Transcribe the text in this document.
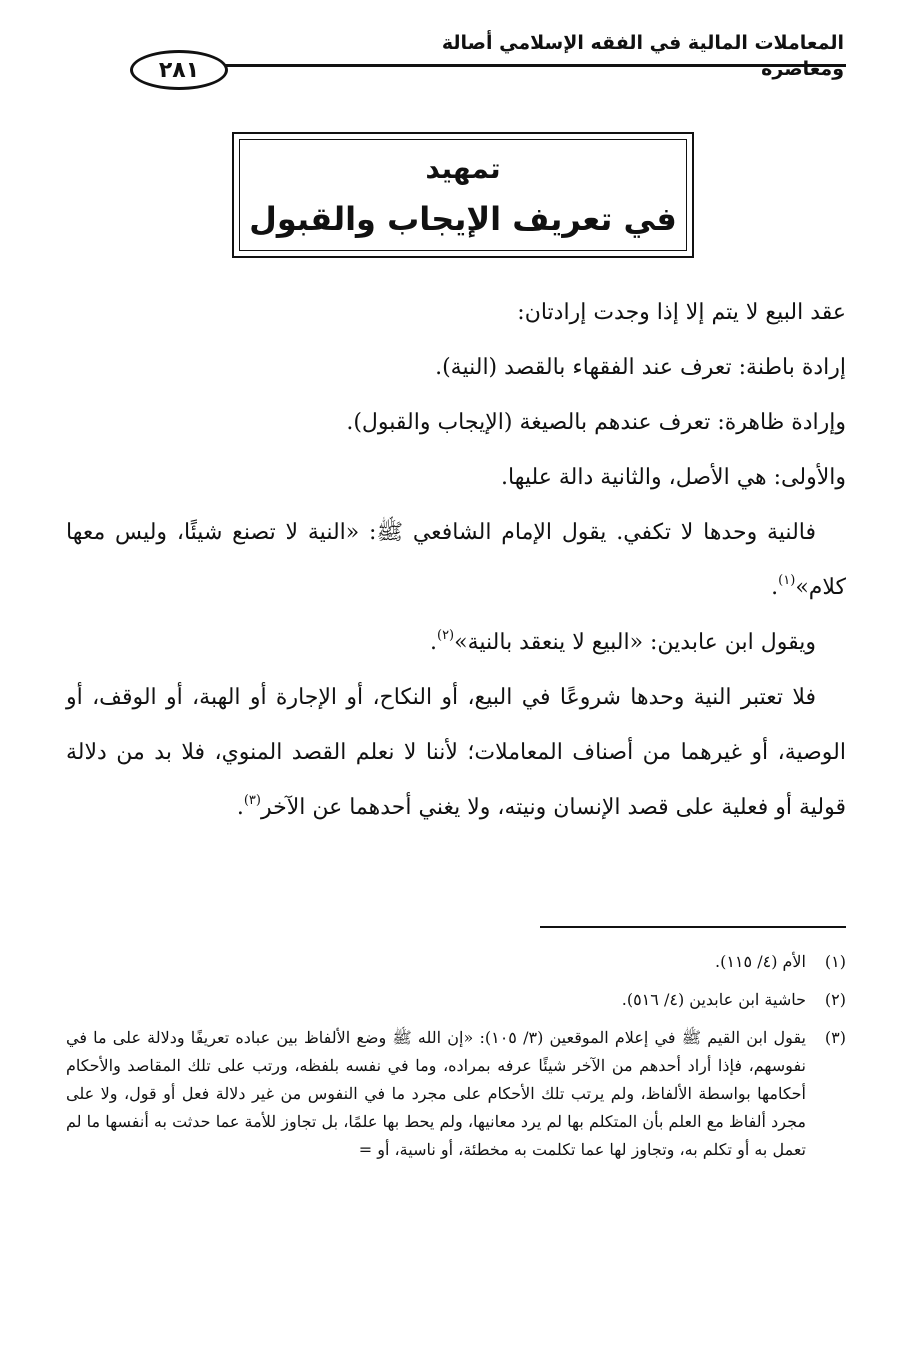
المعاملات المالية في الفقه الإسلامي أصالة ومعاصرة
٢٨١
تمهيد
في تعريف الإيجاب والقبول

عقد البيع لا يتم إلا إذا وجدت إرادتان:

إرادة باطنة: تعرف عند الفقهاء بالقصد (النية).

وإرادة ظاهرة: تعرف عندهم بالصيغة (الإيجاب والقبول).

والأولى: هي الأصل، والثانية دالة عليها.

فالنية وحدها لا تكفي. يقول الإمام الشافعي ﷺ: «النية لا تصنع شيئًا، وليس معها كلام»$^{(١)}$.

ويقول ابن عابدين: «البيع لا ينعقد بالنية»$^{(٢)}$.

فلا تعتبر النية وحدها شروعًا في البيع، أو النكاح، أو الإجارة أو الهبة، أو الوقف، أو الوصية، أو غيرهما من أصناف المعاملات؛ لأننا لا نعلم القصد المنوي، فلا بد من دلالة قولية أو فعلية على قصد الإنسان ونيته، ولا يغني أحدهما عن الآخر$^{(٣)}$.

(١)
الأم (٤/ ١١٥).
(٢)
حاشية ابن عابدين (٤/ ٥١٦).
(٣)
يقول ابن القيم ﷺ في إعلام الموقعين (٣/ ١٠٥): «إن الله ﷺ وضع الألفاظ بين عباده تعريفًا ودلالة على ما في نفوسهم، فإذا أراد أحدهم من الآخر شيئًا عرفه بمراده، وما في نفسه بلفظه، ورتب على تلك المقاصد والأحكام أحكامها بواسطة الألفاظ، ولم يرتب تلك الأحكام على مجرد ما في النفوس من غير دلالة فعل أو قول، ولا على مجرد ألفاظ مع العلم بأن المتكلم بها لم يرد معانيها، ولم يحط بها علمًا، بل تجاوز للأمة عما حدثت به أنفسها ما لم تعمل به أو تكلم به، وتجاوز لها عما تكلمت به مخطئة، أو ناسية، أو =
